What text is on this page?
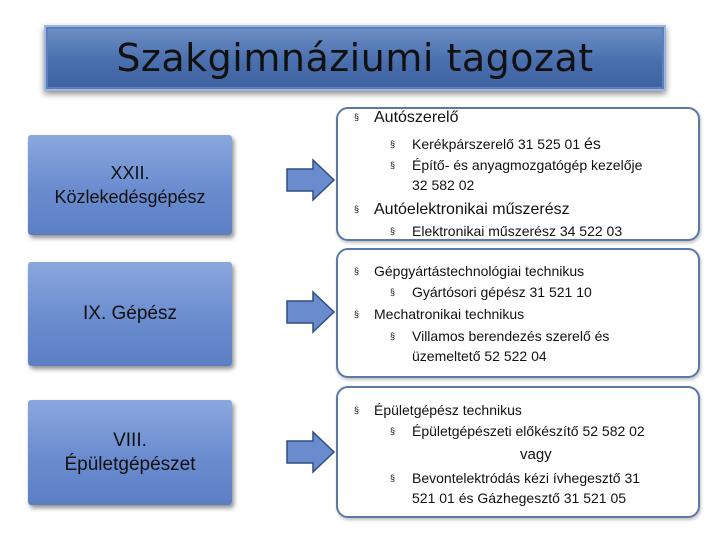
Szakgimnáziumi tagozat
XXII.
Közlekedésgépész
IX. Gépész
VIII.
Épületgépészet
§ Autószerelő
§ Kerékpárszerelő 31 525 01 és
§ Építő- és anyagmozgatógép kezelője
32 582 02
§ Autóelektronikai műszerész
§ Elektronikai műszerész 34 522 03
§ Gépgyártástechnológiai technikus
§ Gyártósori gépész 31 521 10
§ Mechatronikai technikus
§ Villamos berendezés szerelő és
üzemeltető 52 522 04
§ Épületgépész technikus
§ Épületgépészeti előkészítő 52 582 02
vagy
§ Bevontelektródás kézi ívhegesztő 31
521 01 és Gázhegesztő 31 521 05
